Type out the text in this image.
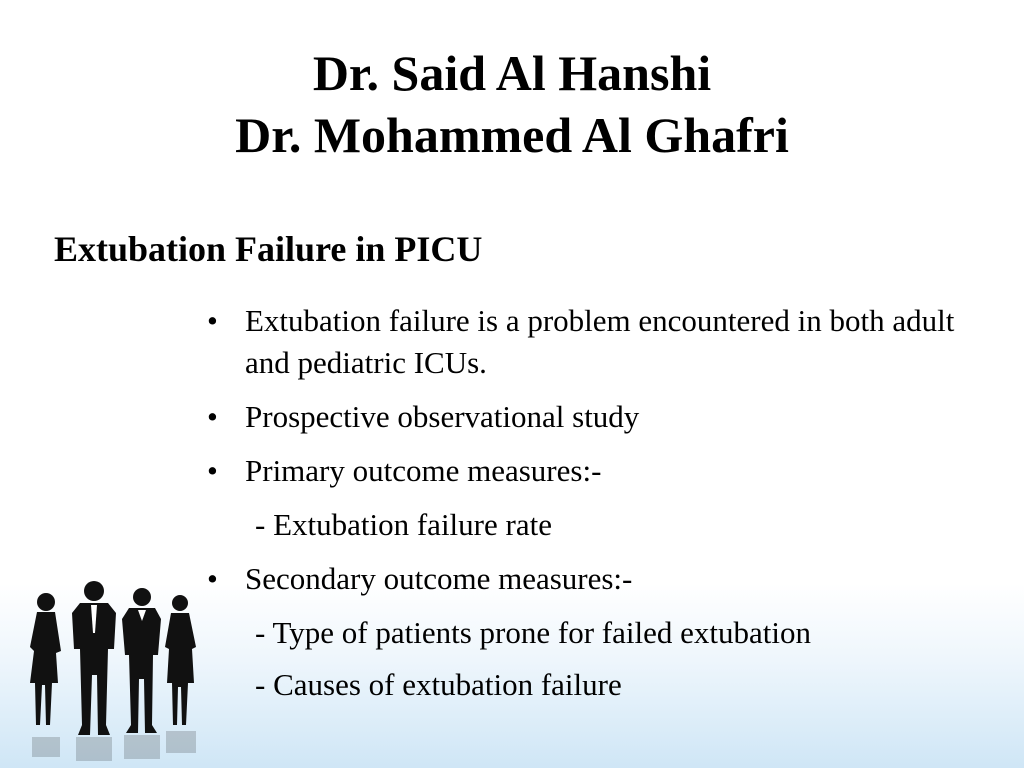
Dr. Said Al Hanshi
Dr. Mohammed Al Ghafri
Extubation Failure in PICU
• Extubation failure is a problem encountered in both adult and pediatric ICUs.
• Prospective observational study
• Primary outcome measures:-
- Extubation failure rate
• Secondary outcome measures:-
- Type of patients prone for failed extubation
- Causes of extubation failure
